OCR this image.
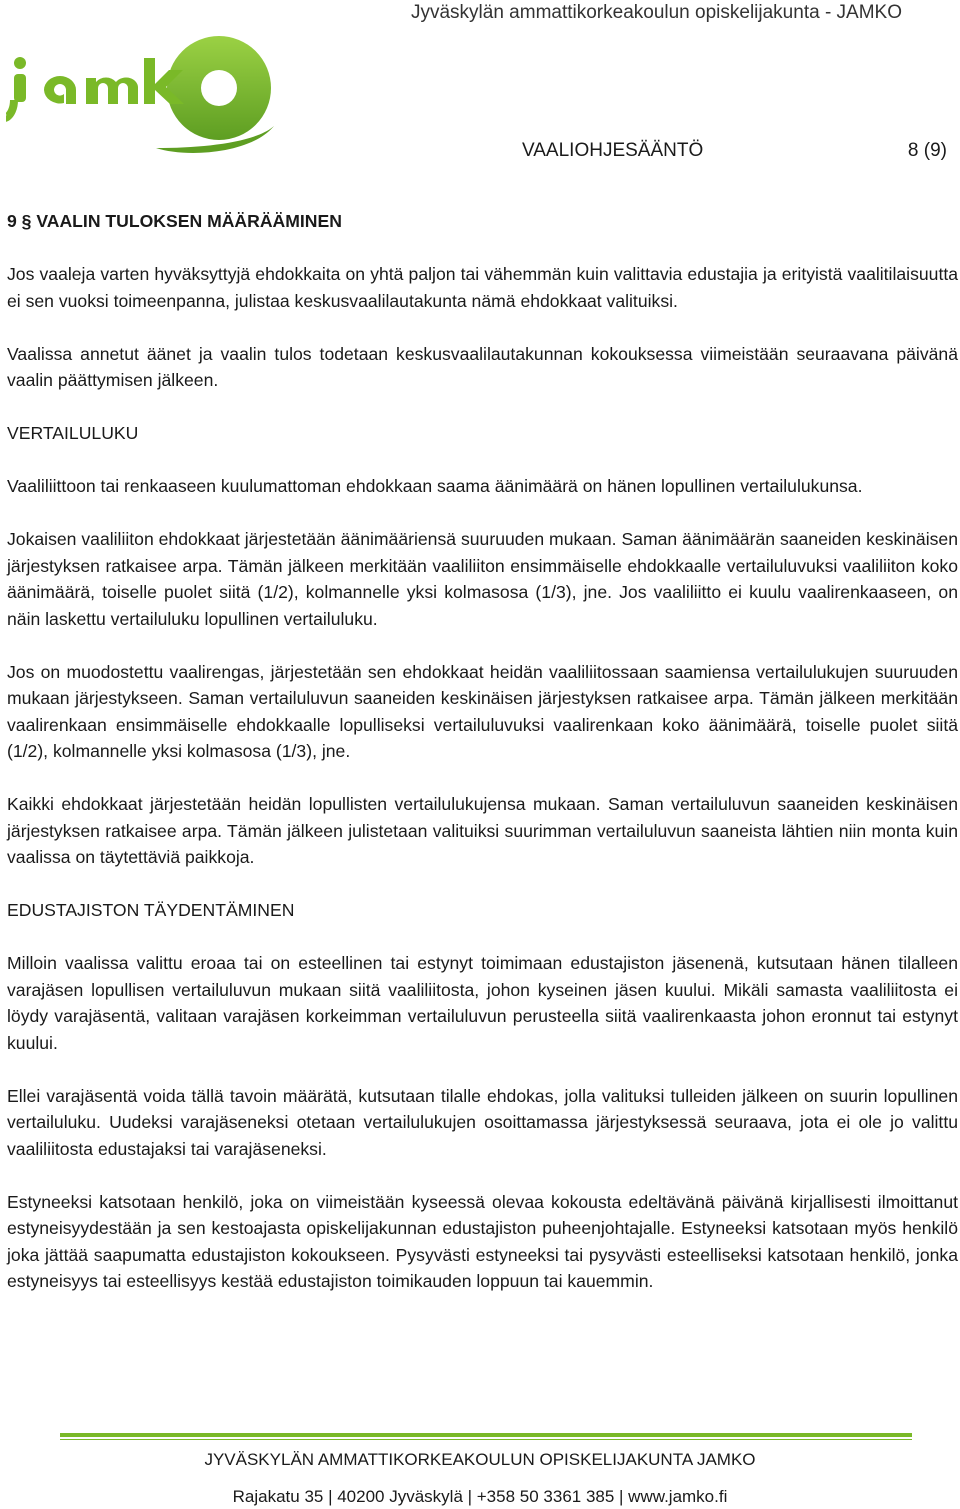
Jyväskylän ammattikorkeakoulun opiskelijakunta - JAMKO
VAALIOHJESÄÄNTÖ	8 (9)
9 § VAALIN TULOKSEN MÄÄRÄÄMINEN

Jos vaaleja varten hyväksyttyjä ehdokkaita on yhtä paljon tai vähemmän kuin valittavia edustajia ja erityistä vaalitilaisuutta ei sen vuoksi toimeenpanna, julistaa keskusvaalilautakunta nämä ehdokkaat valituiksi.

Vaalissa annetut äänet ja vaalin tulos todetaan keskusvaalilautakunnan kokouksessa viimeistään seuraavana päivänä vaalin päättymisen jälkeen.

VERTAILULUKU

Vaaliliittoon tai renkaaseen kuulumattoman ehdokkaan saama äänimäärä on hänen lopullinen vertailulukunsa.

Jokaisen vaaliliiton ehdokkaat järjestetään äänimääriensä suuruuden mukaan. Saman äänimäärän saaneiden keskinäisen järjestyksen ratkaisee arpa. Tämän jälkeen merkitään vaaliliiton ensimmäiselle ehdokkaalle vertailuluvuksi vaaliliiton koko äänimäärä, toiselle puolet siitä (1/2), kolmannelle yksi kolmasosa (1/3), jne. Jos vaaliliitto ei kuulu vaalirenkaaseen, on näin laskettu vertailuluku lopullinen vertailuluku.

Jos on muodostettu vaalirengas, järjestetään sen ehdokkaat heidän vaaliliitossaan saamiensa vertailulukujen suuruuden mukaan järjestykseen. Saman vertailuluvun saaneiden keskinäisen järjestyksen ratkaisee arpa. Tämän jälkeen merkitään vaalirenkaan ensimmäiselle ehdokkaalle lopulliseksi vertailuluvuksi vaalirenkaan koko äänimäärä, toiselle puolet siitä (1/2), kolmannelle yksi kolmasosa (1/3), jne.

Kaikki ehdokkaat järjestetään heidän lopullisten vertailulukujensa mukaan. Saman vertailuluvun saaneiden keskinäisen järjestyksen ratkaisee arpa. Tämän jälkeen julistetaan valituiksi suurimman vertailuluvun saaneista lähtien niin monta kuin vaalissa on täytettäviä paikkoja.

EDUSTAJISTON TÄYDENTÄMINEN

Milloin vaalissa valittu eroaa tai on esteellinen tai estynyt toimimaan edustajiston jäsenenä, kutsutaan hänen tilalleen varajäsen lopullisen vertailuluvun mukaan siitä vaaliliitosta, johon kyseinen jäsen kuului. Mikäli samasta vaaliliitosta ei löydy varajäsentä, valitaan varajäsen korkeimman vertailuluvun perusteella siitä vaalirenkaasta johon eronnut tai estynyt kuului.

Ellei varajäsentä voida tällä tavoin määrätä, kutsutaan tilalle ehdokas, jolla valituksi tulleiden jälkeen on suurin lopullinen vertailuluku. Uudeksi varajäseneksi otetaan vertailulukujen osoittamassa järjestyksessä seuraava, jota ei ole jo valittu vaaliliitosta edustajaksi tai varajäseneksi.

Estyneeksi katsotaan henkilö, joka on viimeistään kyseessä olevaa kokousta edeltävänä päivänä kirjallisesti ilmoittanut estyneisyydestään ja sen kestoajasta opiskelijakunnan edustajiston puheenjohtajalle. Estyneeksi katsotaan myös henkilö joka jättää saapumatta edustajiston kokoukseen. Pysyvästi estyneeksi tai pysyvästi esteelliseksi katsotaan henkilö, jonka estyneisyys tai esteellisyys kestää edustajiston toimikauden loppuun tai kauemmin.

JYVÄSKYLÄN AMMATTIKORKEAKOULUN OPISKELIJAKUNTA JAMKO
Rajakatu 35 | 40200 Jyväskylä | +358 50 3361 385 | www.jamko.fi
